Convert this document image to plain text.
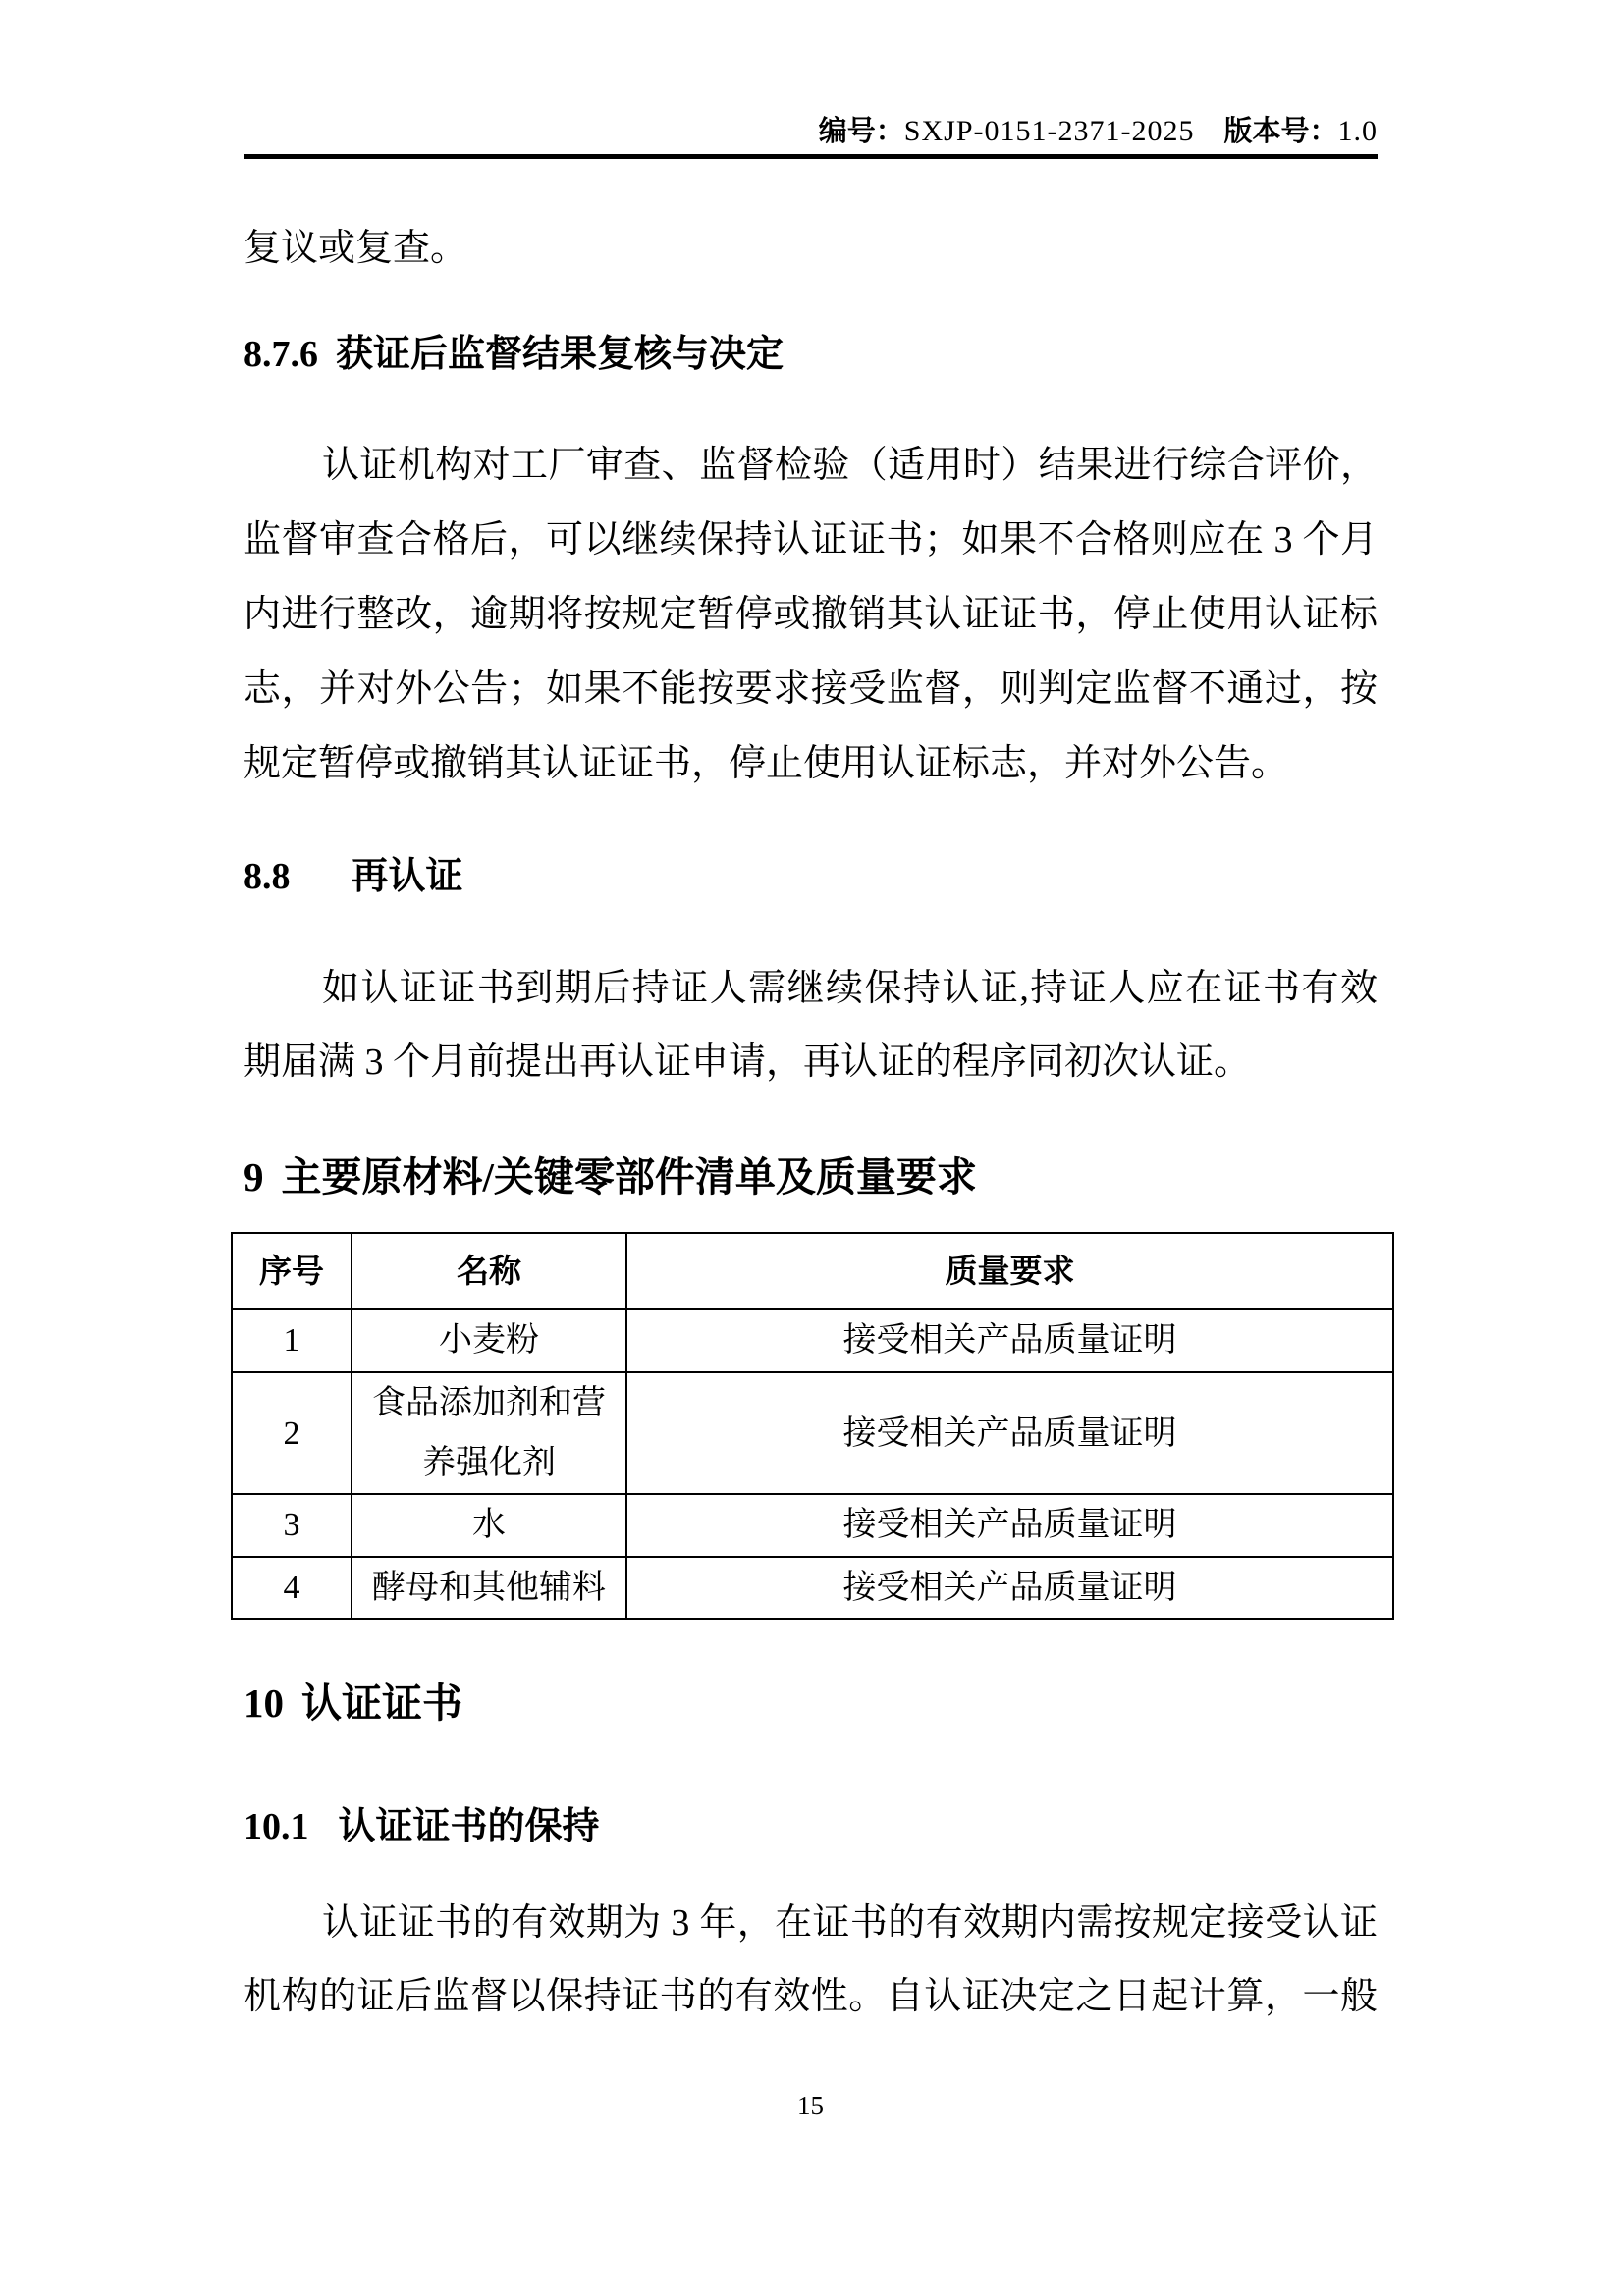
编号：SXJP-0151-2371-2025 版本号：1.0
复议或复查。
8.7.6 获证后监督结果复核与决定
认证机构对工厂审查、监督检验（适用时）结果进行综合评价，
监督审查合格后，可以继续保持认证证书；如果不合格则应在 3 个月
内进行整改，逾期将按规定暂停或撤销其认证证书，停止使用认证标
志，并对外公告；如果不能按要求接受监督，则判定监督不通过，按
规定暂停或撤销其认证证书，停止使用认证标志，并对外公告。
8.8 再认证
如认证证书到期后持证人需继续保持认证,持证人应在证书有效
期届满 3 个月前提出再认证申请，再认证的程序同初次认证。
9 主要原材料/关键零部件清单及质量要求
序号	名称	质量要求
1	小麦粉	接受相关产品质量证明
2	食品添加剂和营养强化剂	接受相关产品质量证明
3	水	接受相关产品质量证明
4	酵母和其他辅料	接受相关产品质量证明
10 认证证书
10.1 认证证书的保持
认证证书的有效期为 3 年，在证书的有效期内需按规定接受认证
机构的证后监督以保持证书的有效性。自认证决定之日起计算，一般
15
